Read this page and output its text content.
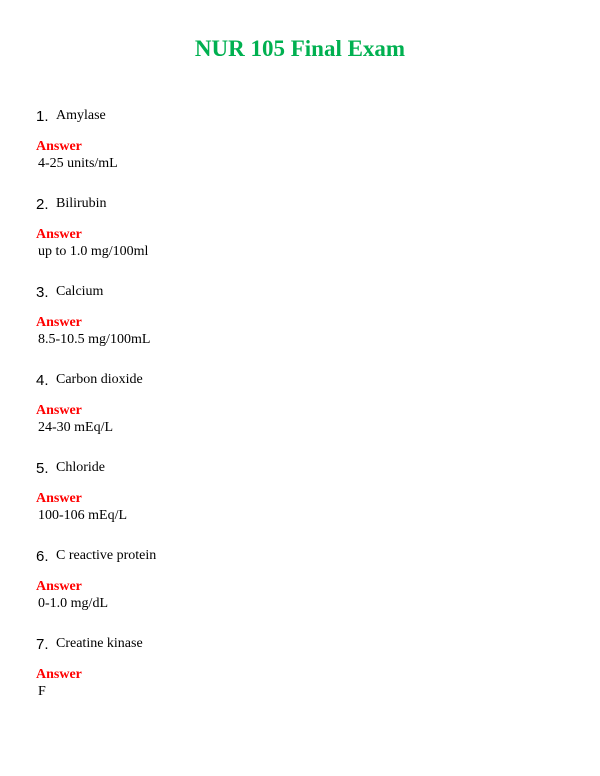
NUR 105 Final Exam
1. Amylase
Answer
4-25 units/mL
2. Bilirubin
Answer
up to 1.0 mg/100ml
3. Calcium
Answer
8.5-10.5 mg/100mL
4. Carbon dioxide
Answer
24-30 mEq/L
5. Chloride
Answer
100-106 mEq/L
6. C reactive protein
Answer
0-1.0 mg/dL
7. Creatine kinase
Answer
F
